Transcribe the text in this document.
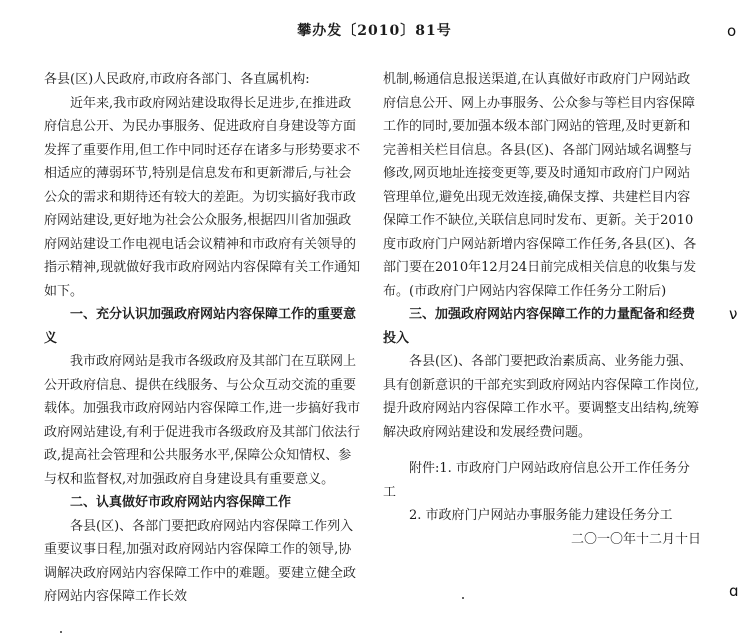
攀办发〔2010〕81号

各县(区)人民政府,市政府各部门、各直属机构:

近年来,我市政府网站建设取得长足进步,在推进政府信息公开、为民办事服务、促进政府自身建设等方面发挥了重要作用,但工作中同时还存在诸多与形势要求不相适应的薄弱环节,特别是信息发布和更新滞后,与社会公众的需求和期待还有较大的差距。为切实搞好我市政府网站建设,更好地为社会公众服务,根据四川省加强政府网站建设工作电视电话会议精神和市政府有关领导的指示精神,现就做好我市政府网站内容保障有关工作通知如下。

一、充分认识加强政府网站内容保障工作的重要意义

我市政府网站是我市各级政府及其部门在互联网上公开政府信息、提供在线服务、与公众互动交流的重要载体。加强我市政府网站内容保障工作,进一步搞好我市政府网站建设,有利于促进我市各级政府及其部门依法行政,提高社会管理和公共服务水平,保障公众知情权、参与权和监督权,对加强政府自身建设具有重要意义。

二、认真做好市政府网站内容保障工作

各县(区)、各部门要把政府网站内容保障工作列入重要议事日程,加强对政府网站内容保障工作的领导,协调解决政府网站内容保障工作中的难题。要建立健全政府网站内容保障工作长效

机制,畅通信息报送渠道,在认真做好市政府门户网站政府信息公开、网上办事服务、公众参与等栏目内容保障工作的同时,要加强本级本部门网站的管理,及时更新和完善相关栏目信息。各县(区)、各部门网站域名调整与修改,网页地址连接变更等,要及时通知市政府门户网站管理单位,避免出现无效连接,确保支撑、共建栏目内容保障工作不缺位,关联信息同时发布、更新。关于2010度市政府门户网站新增内容保障工作任务,各县(区)、各部门要在2010年12月24日前完成相关信息的收集与发布。(市政府门户网站内容保障工作任务分工附后)

三、加强政府网站内容保障工作的力量配备和经费投入

各县(区)、各部门要把政治素质高、业务能力强、具有创新意识的干部充实到政府网站内容保障工作岗位,提升政府网站内容保障工作水平。要调整支出结构,统筹解决政府网站建设和发展经费问题。

附件:1. 市政府门户网站政府信息公开工作任务分工

2. 市政府门户网站办事服务能力建设任务分工

二〇一〇年十二月十日

o
ν
ɑ
